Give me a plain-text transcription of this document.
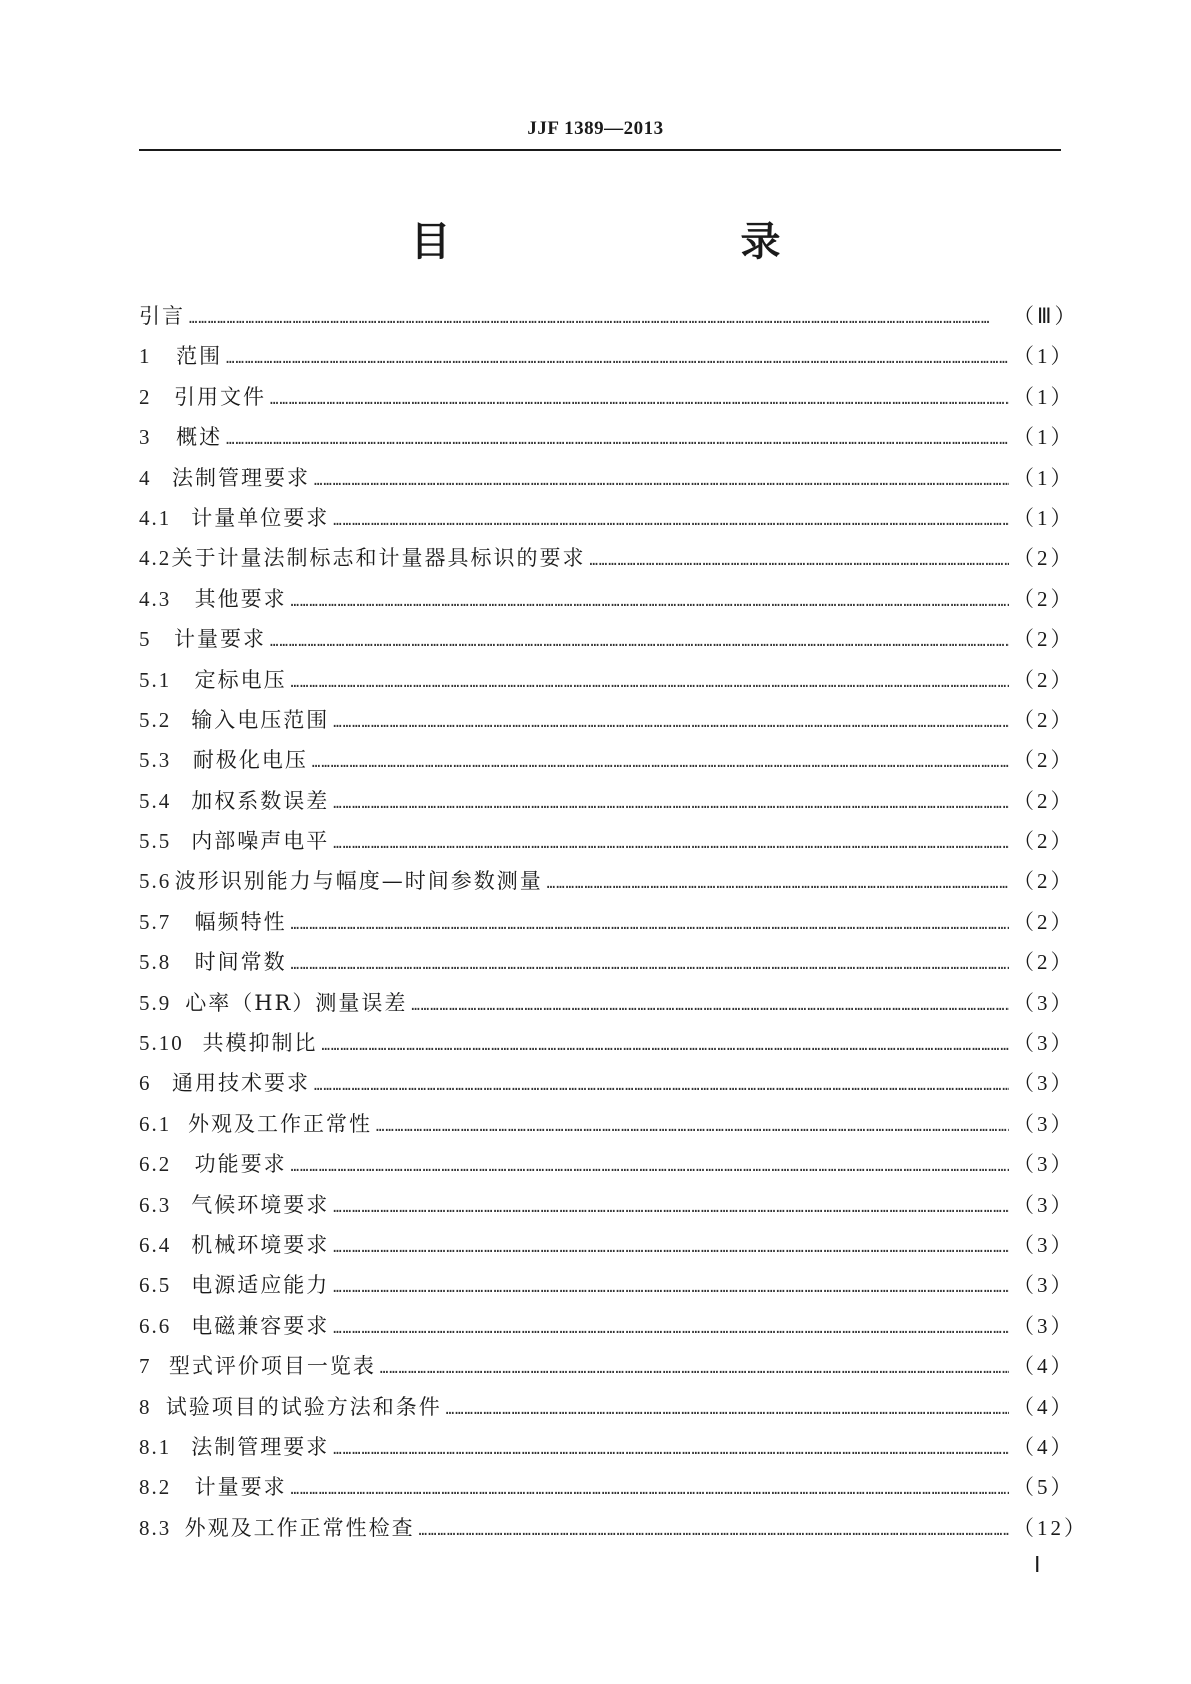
JJF 1389—2013
目　　录
引言 …………………………………………………………………………………………………………………………………………………………………………………………………………………………………	（Ⅲ）
1	范围 …………………………………………………………………………………………………………………………………………………………………………………………………………………………………	（1）
2	引用文件 …………………………………………………………………………………………………………………………………………………………………………………………………………………………………	（1）
3	概述 …………………………………………………………………………………………………………………………………………………………………………………………………………………………………	（1）
4 法制管理要求 …………………………………………………………………………………………………………………………………………………………………………………………………………………………………	（1）
4.1 计量单位要求 …………………………………………………………………………………………………………………………………………………………………………………………………………………………………	（1）
4.2 关于计量法制标志和计量器具标识的要求 …………………………………………………………………………………………………………………………………………………………………………………………………………………………………	（2）
4.3	其他要求 …………………………………………………………………………………………………………………………………………………………………………………………………………………………………	（2）
5	计量要求 …………………………………………………………………………………………………………………………………………………………………………………………………………………………………	（2）
5.1	定标电压 …………………………………………………………………………………………………………………………………………………………………………………………………………………………………	（2）
5.2 输入电压范围 …………………………………………………………………………………………………………………………………………………………………………………………………………………………………	（2）
5.3	耐极化电压 …………………………………………………………………………………………………………………………………………………………………………………………………………………………………	（2）
5.4 加权系数误差 …………………………………………………………………………………………………………………………………………………………………………………………………………………………………	（2）
5.5 内部噪声电平 …………………………………………………………………………………………………………………………………………………………………………………………………………………………………	（2）
5.6 波形识别能力与幅度—时间参数测量 …………………………………………………………………………………………………………………………………………………………………………………………………………………………………	（2）
5.7	幅频特性 …………………………………………………………………………………………………………………………………………………………………………………………………………………………………	（2）
5.8	时间常数 …………………………………………………………………………………………………………………………………………………………………………………………………………………………………	（2）
5.9 心率（HR）测量误差 …………………………………………………………………………………………………………………………………………………………………………………………………………………………………	（3）
5.10 共模抑制比 …………………………………………………………………………………………………………………………………………………………………………………………………………………………………	（3）
6 通用技术要求 …………………………………………………………………………………………………………………………………………………………………………………………………………………………………	（3）
6.1 外观及工作正常性 …………………………………………………………………………………………………………………………………………………………………………………………………………………………………	（3）
6.2	功能要求 …………………………………………………………………………………………………………………………………………………………………………………………………………………………………	（3）
6.3 气候环境要求 …………………………………………………………………………………………………………………………………………………………………………………………………………………………………	（3）
6.4 机械环境要求 …………………………………………………………………………………………………………………………………………………………………………………………………………………………………	（3）
6.5 电源适应能力 …………………………………………………………………………………………………………………………………………………………………………………………………………………………………	（3）
6.6 电磁兼容要求 …………………………………………………………………………………………………………………………………………………………………………………………………………………………………	（3）
7 型式评价项目一览表 …………………………………………………………………………………………………………………………………………………………………………………………………………………………………	（4）
8 试验项目的试验方法和条件 …………………………………………………………………………………………………………………………………………………………………………………………………………………………………	（4）
8.1 法制管理要求 …………………………………………………………………………………………………………………………………………………………………………………………………………………………………	（4）
8.2	计量要求 …………………………………………………………………………………………………………………………………………………………………………………………………………………………………	（5）
8.3 外观及工作正常性检查 …………………………………………………………………………………………………………………………………………………………………………………………………………………………………	（12）
Ⅰ
